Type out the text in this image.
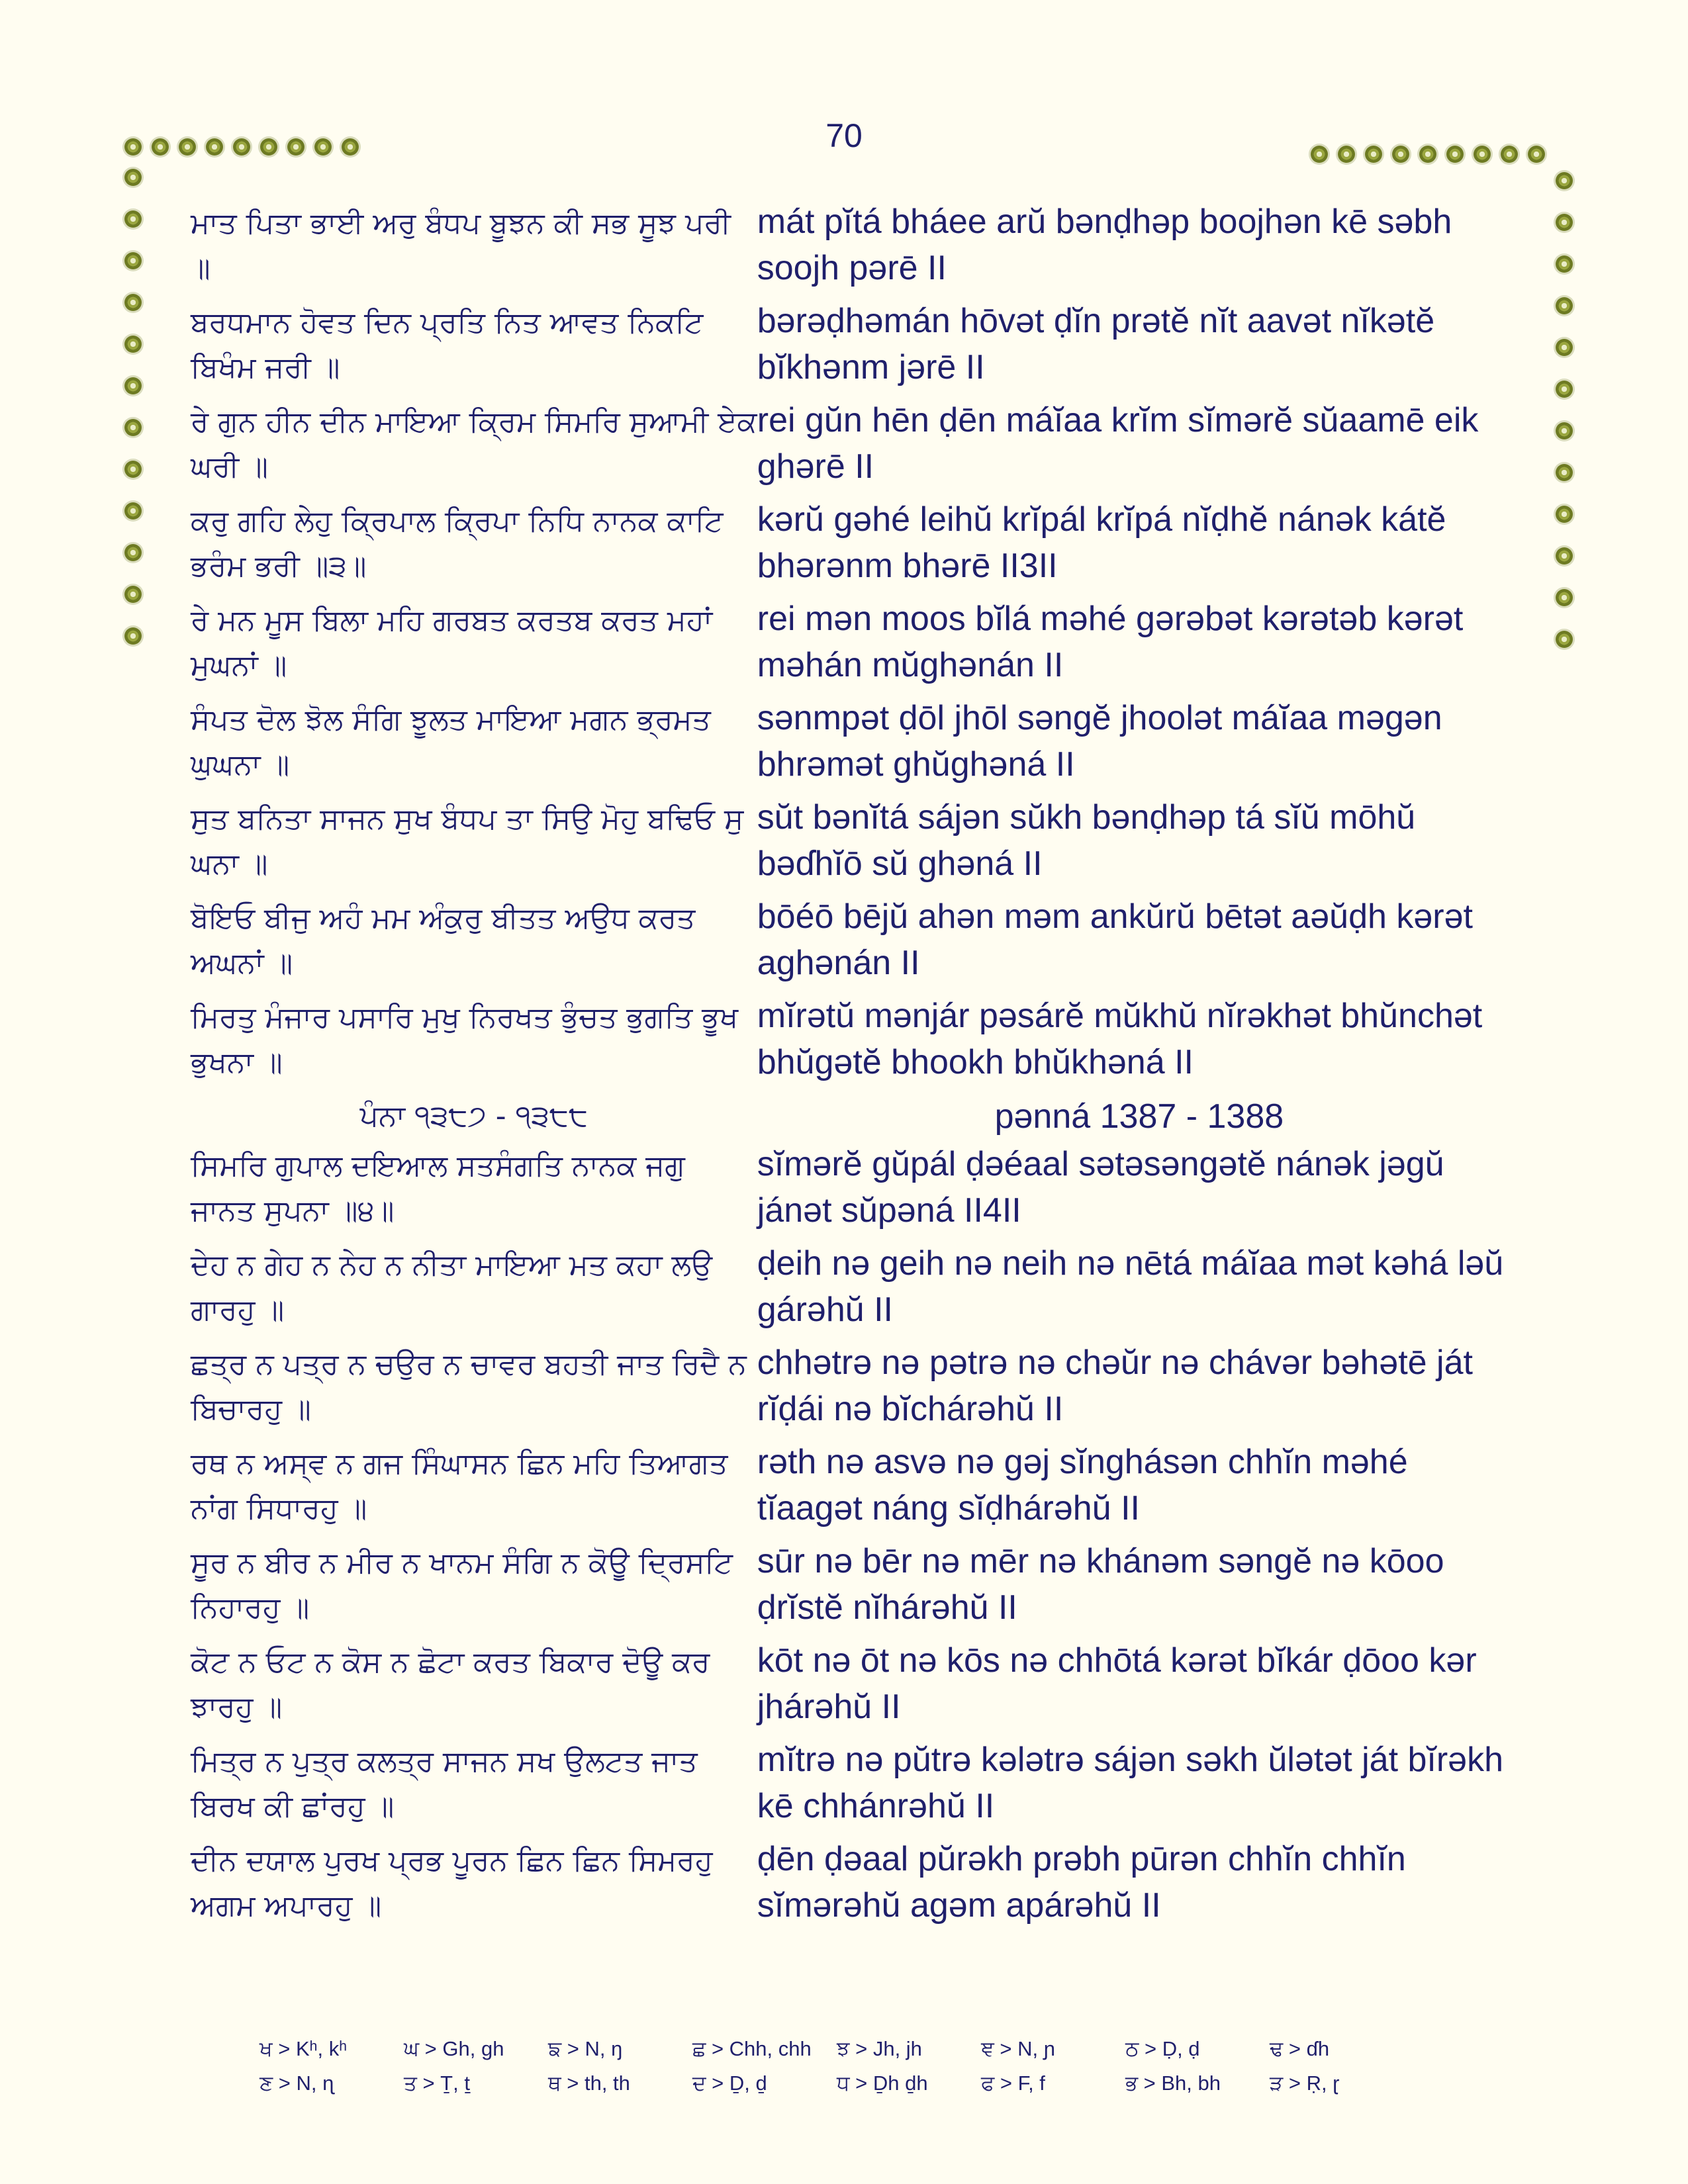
70
ਮਾਤ ਪਿਤਾ ਭਾਈ ਅਰੁ ਬੰਧਪ ਬੂਝਨ ਕੀ ਸਭ ਸੂਝ ਪਰੀ ॥
mát pĭtá bháee arŭ bənḍhəp boojhən kē səbh soojh pərē II
ਬਰਧਮਾਨ ਹੋਵਤ ਦਿਨ ਪ੍ਰਤਿ ਨਿਤ ਆਵਤ ਨਿਕਟਿ ਬਿਖੰਮ ਜਰੀ ॥
bərəḍhəmán hōvət ḍĭn prətĕ nĭt aavət nĭkətĕ bĭkhənm jərē II
ਰੇ ਗੁਨ ਹੀਨ ਦੀਨ ਮਾਇਆ ਕ੍ਰਿਮ ਸਿਮਰਿ ਸੁਆਮੀ ਏਕ ਘਰੀ ॥
rei gŭn hēn ḍēn máĭaa krĭm sĭmərĕ sŭaamē eik ghərē II
ਕਰੁ ਗਹਿ ਲੇਹੁ ਕ੍ਰਿਪਾਲ ਕ੍ਰਿਪਾ ਨਿਧਿ ਨਾਨਕ ਕਾਟਿ ਭਰੰਮ ਭਰੀ ॥੩॥
kərŭ gəhé leihŭ krĭpál krĭpá nĭḍhĕ nánək kátĕ bhərənm bhərē II3II
ਰੇ ਮਨ ਮੂਸ ਬਿਲਾ ਮਹਿ ਗਰਬਤ ਕਰਤਬ ਕਰਤ ਮਹਾਂ ਮੁਘਨਾਂ ॥
rei mən moos bĭlá məhé gərəbət kərətəb kərət məhán mŭghənán II
ਸੰਪਤ ਦੋਲ ਝੋਲ ਸੰਗਿ ਝੂਲਤ ਮਾਇਆ ਮਗਨ ਭ੍ਰਮਤ ਘੁਘਨਾ ॥
sənmpət ḍōl jhōl səngĕ jhoolət máĭaa məgən bhrəmət ghŭghəná II
ਸੁਤ ਬਨਿਤਾ ਸਾਜਨ ਸੁਖ ਬੰਧਪ ਤਾ ਸਿਉ ਮੋਹੁ ਬਢਿਓ ਸੁ ਘਨਾ ॥
sŭt bənĭtá sájən sŭkh bənḍhəp tá sĭŭ mōhŭ bəɗhĭō sŭ ghəná II
ਬੋਇਓ ਬੀਜੁ ਅਹੰ ਮਮ ਅੰਕੁਰੁ ਬੀਤਤ ਅਉਧ ਕਰਤ ਅਘਨਾਂ ॥
bōéō bējŭ ahən məm ankŭrŭ bētət aəŭḍh kərət aghənán II
ਮਿਰਤੁ ਮੰਜਾਰ ਪਸਾਰਿ ਮੁਖੁ ਨਿਰਖਤ ਭੁੰਚਤ ਭੁਗਤਿ ਭੂਖ ਭੁਖਨਾ ॥
mĭrətŭ mənjár pəsárĕ mŭkhŭ nĭrəkhət bhŭnchət bhŭgətĕ bhookh bhŭkhəná II
ਪੰਨਾ ੧੩੮੭ - ੧੩੮੮	pənná 1387 - 1388
ਸਿਮਰਿ ਗੁਪਾਲ ਦਇਆਲ ਸਤਸੰਗਤਿ ਨਾਨਕ ਜਗੁ ਜਾਨਤ ਸੁਪਨਾ ॥੪॥
sĭmərĕ gŭpál ḍəéaal sətəsəngətĕ nánək jəgŭ jánət sŭpəná II4II
ਦੇਹ ਨ ਗੇਹ ਨ ਨੇਹ ਨ ਨੀਤਾ ਮਾਇਆ ਮਤ ਕਹਾ ਲਉ ਗਾਰਹੁ ॥
ḍeih nə geih nə neih nə nētá máĭaa mət kəhá ləŭ gárəhŭ II
ਛਤ੍ਰ ਨ ਪਤ੍ਰ ਨ ਚਉਰ ਨ ਚਾਵਰ ਬਹਤੀ ਜਾਤ ਰਿਦੈ ਨ ਬਿਚਾਰਹੁ ॥
chhətrə nə pətrə nə chəŭr nə chávər bəhətē ját rĭḍái nə bĭchárəhŭ II
ਰਥ ਨ ਅਸ੍ਵ ਨ ਗਜ ਸਿੰਘਾਸਨ ਛਿਨ ਮਹਿ ਤਿਆਗਤ ਨਾਂਗ ਸਿਧਾਰਹੁ ॥
rəth nə asvə nə gəj sĭnghásən chhĭn məhé tĭaagət náng sĭḍhárəhŭ II
ਸੂਰ ਨ ਬੀਰ ਨ ਮੀਰ ਨ ਖਾਨਮ ਸੰਗਿ ਨ ਕੋਊ ਦ੍ਰਿਸਟਿ ਨਿਹਾਰਹੁ ॥
sūr nə bēr nə mēr nə khánəm səngĕ nə kōoo ḍrĭstĕ nĭhárəhŭ II
ਕੋਟ ਨ ਓਟ ਨ ਕੋਸ ਨ ਛੋਟਾ ਕਰਤ ਬਿਕਾਰ ਦੋਊ ਕਰ ਝਾਰਹੁ ॥
kōt nə ōt nə kōs nə chhōtá kərət bĭkár ḍōoo kər jhárəhŭ II
ਮਿਤ੍ਰ ਨ ਪੁਤ੍ਰ ਕਲਤ੍ਰ ਸਾਜਨ ਸਖ ਉਲਟਤ ਜਾਤ ਬਿਰਖ ਕੀ ਛਾਂਰਹੁ ॥
mĭtrə nə pŭtrə kələtrə sájən səkh ŭlətət ját bĭrəkh kē chhánrəhŭ II
ਦੀਨ ਦਯਾਲ ਪੁਰਖ ਪ੍ਰਭ ਪੂਰਨ ਛਿਨ ਛਿਨ ਸਿਮਰਹੁ ਅਗਮ ਅਪਾਰਹੁ ॥
ḍēn ḍəaal pŭrəkh prəbh pūrən chhĭn chhĭn sĭmərəhŭ agəm apárəhŭ II
ਖ > Kʰ, kʰ	ਘ > Gh, gh	ਙ > N, ŋ	ਛ > Chh, chh	ਝ > Jh, jh	ਞ > N, ɲ	ਠ > Ḍ, ḍ	ਢ > ɗh
ਣ > N, ɳ	ਤ > Ṯ, ṯ	ਥ > th, th	ਦ > Ḏ, ḏ	ਧ > Ḏh ḏh	ਫ > F, f	ਭ > Bh, bh	ੜ > Ṛ, ɽ
